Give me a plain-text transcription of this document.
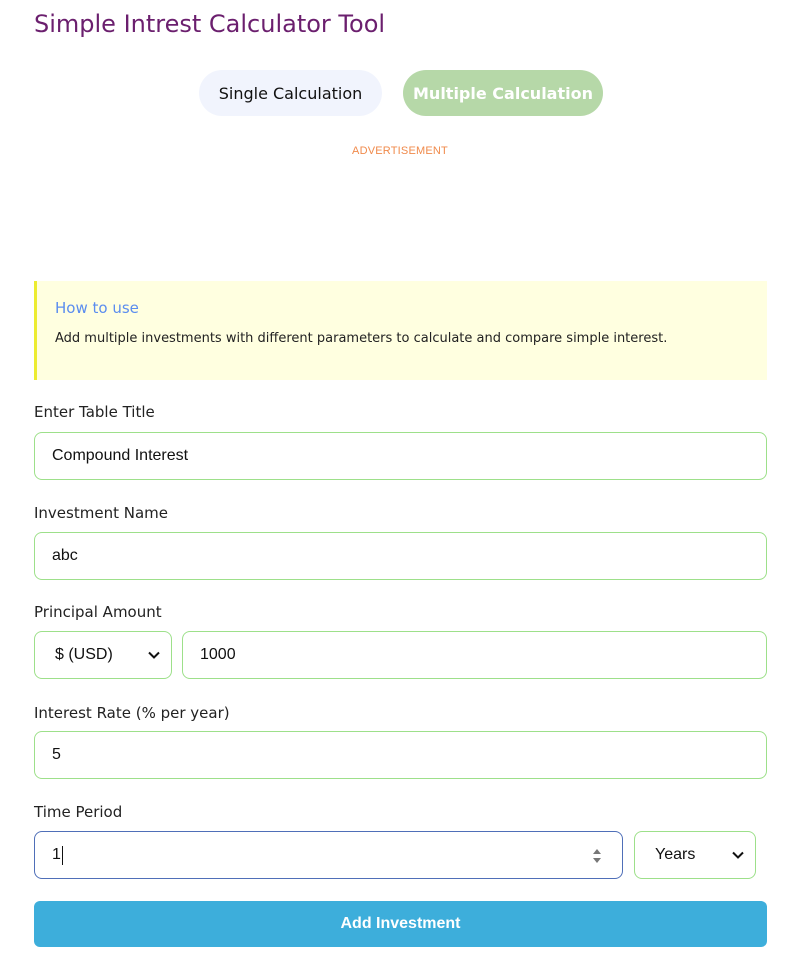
Simple Intrest Calculator Tool
Single Calculation	Multiple Calculation
ADVERTISEMENT
How to use
Add multiple investments with different parameters to calculate and compare simple interest.
Enter Table Title
Compound Interest
Investment Name
abc
Principal Amount
$ (USD)	1000
Interest Rate (% per year)
5
Time Period
1	Years
Add Investment
